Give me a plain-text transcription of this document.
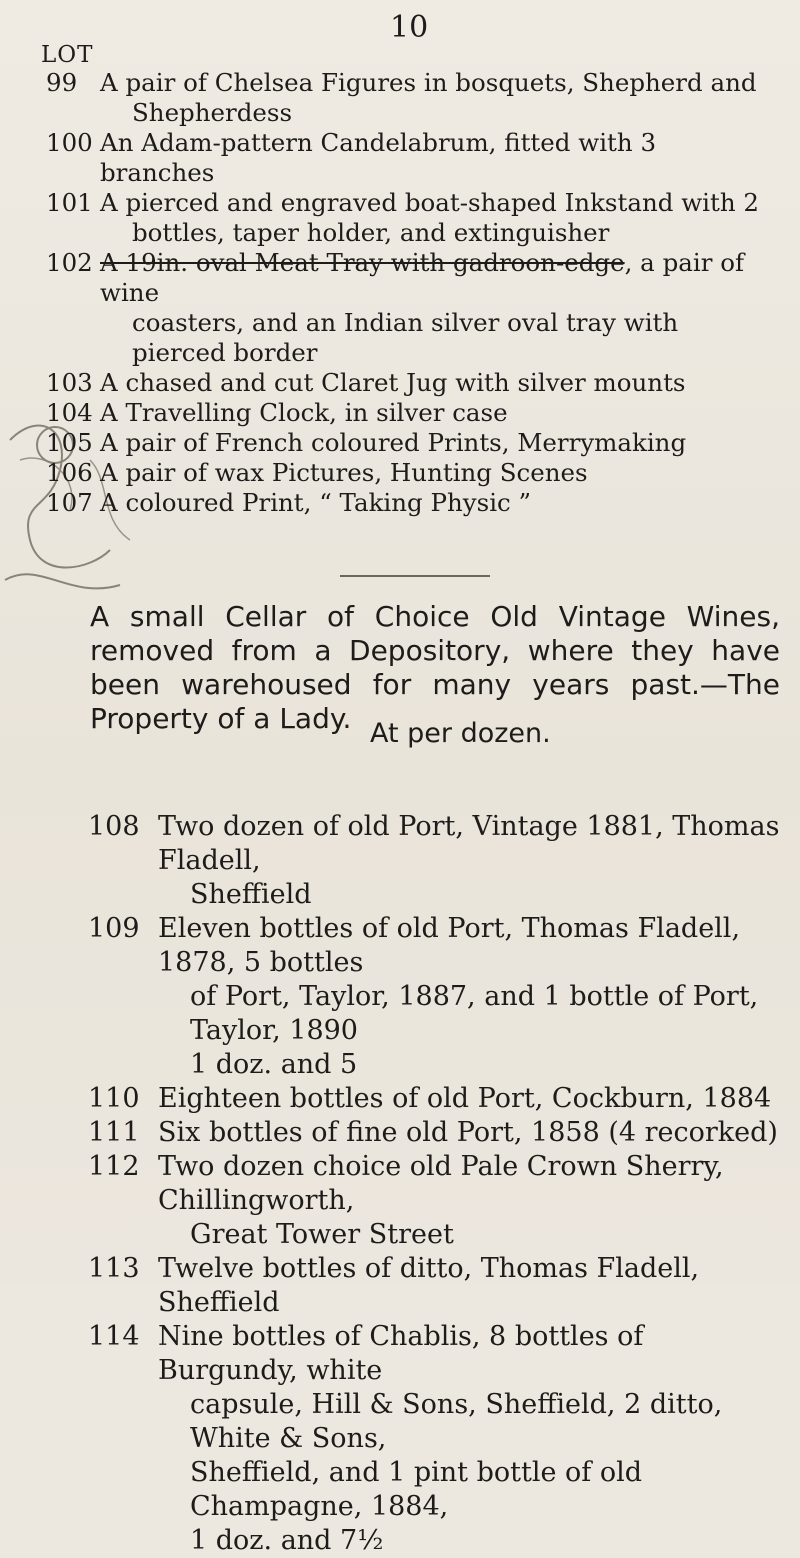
10
LOT
99 A pair of Chelsea Figures in bosquets, Shepherd and
Shepherdess
100 An Adam-pattern Candelabrum, fitted with 3 branches
101 A pierced and engraved boat-shaped Inkstand with 2
bottles, taper holder, and extinguisher
102 A 19in. oval Meat Tray with gadroon-edge, a pair of wine
coasters, and an Indian silver oval tray with pierced border
103 A chased and cut Claret Jug with silver mounts
104 A Travelling Clock, in silver case
105 A pair of French coloured Prints, Merrymaking
106 A pair of wax Pictures, Hunting Scenes
107 A coloured Print, “ Taking Physic ”

A small Cellar of Choice Old Vintage Wines, removed from a Depository, where they have been warehoused for many years past.—The Property of a Lady. At per dozen.
108 Two dozen of old Port, Vintage 1881, Thomas Fladell,
Sheffield
109 Eleven bottles of old Port, Thomas Fladell, 1878, 5 bottles
of Port, Taylor, 1887, and 1 bottle of Port, Taylor, 1890
1 doz. and 5
110 Eighteen bottles of old Port, Cockburn, 1884
111 Six bottles of fine old Port, 1858 (4 recorked)
112 Two dozen choice old Pale Crown Sherry, Chillingworth,
Great Tower Street
113 Twelve bottles of ditto, Thomas Fladell, Sheffield
114 Nine bottles of Chablis, 8 bottles of Burgundy, white
capsule, Hill & Sons, Sheffield, 2 ditto, White & Sons,
Sheffield, and 1 pint bottle of old Champagne, 1884,
1 doz. and 7½
